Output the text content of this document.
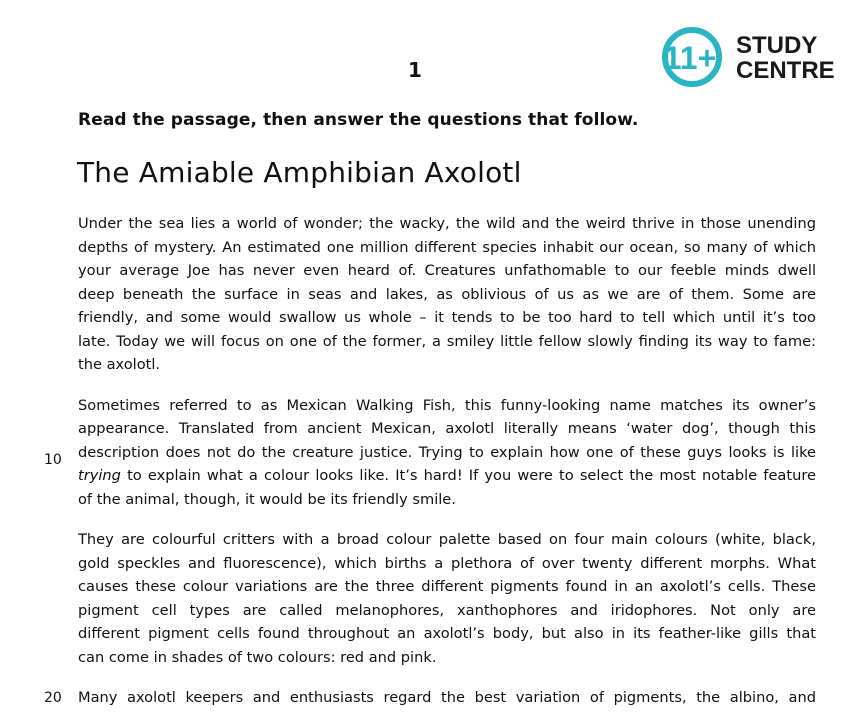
1	11+ STUDY
CENTRE
Read the passage, then answer the questions that follow.
The Amiable Amphibian Axolotl
10
20

Under the sea lies a world of wonder; the wacky, the wild and the weird thrive in those unending
depths of mystery. An estimated one million different species inhabit our ocean, so many of which
your average Joe has never even heard of. Creatures unfathomable to our feeble minds dwell
deep beneath the surface in seas and lakes, as oblivious of us as we are of them. Some are
friendly, and some would swallow us whole – it tends to be too hard to tell which until it’s too
late. Today we will focus on one of the former, a smiley little fellow slowly finding its way to fame:
the axolotl.

Sometimes referred to as Mexican Walking Fish, this funny-looking name matches its owner’s
appearance. Translated from ancient Mexican, axolotl literally means ‘water dog’, though this
description does not do the creature justice. Trying to explain how one of these guys looks is like
trying to explain what a colour looks like. It’s hard! If you were to select the most notable feature
of the animal, though, it would be its friendly smile.

They are colourful critters with a broad colour palette based on four main colours (white, black,
gold speckles and fluorescence), which births a plethora of over twenty different morphs. What
causes these colour variations are the three different pigments found in an axolotl’s cells. These
pigment cell types are called melanophores, xanthophores and iridophores. Not only are
different pigment cells found throughout an axolotl’s body, but also in its feather-like gills that
can come in shades of two colours: red and pink.

Many axolotl keepers and enthusiasts regard the best variation of pigments, the albino, and
